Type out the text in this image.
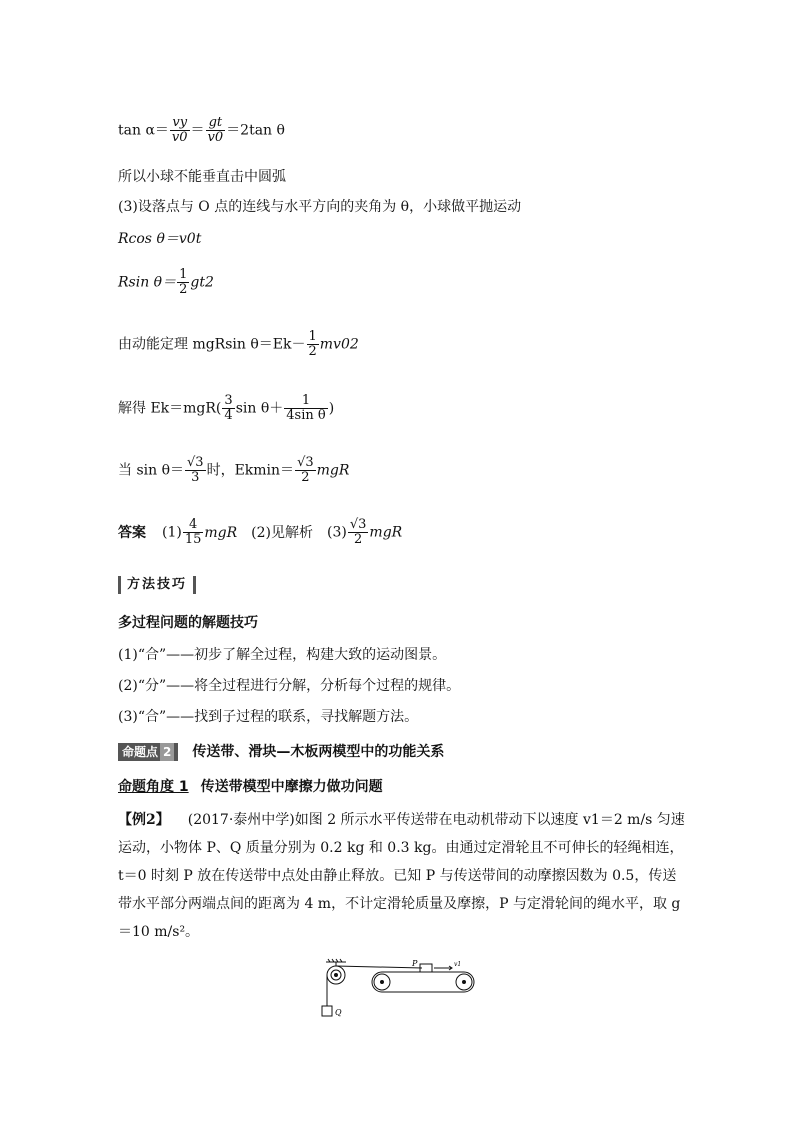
$\tan \alpha= \frac{vy}{v0} = \frac{gt}{v0} =2\tan$ θ
所以小球不能垂直击中圆弧
(3)设落点与 O 点的连线与水平方向的夹角为 θ，小球做平抛运动
Rcos θ＝v0t
Rsin $\theta= \frac{1}{2} gt2$
由动能定理 mgRsin $\theta=Ek- \frac{1}{2} mv02$
解得 $Ek=mgR( \frac{3}{4}$ $\sin \theta+ \frac{1}{\text{4sin θ}}$ )
当 $\sin \theta= \frac{√3}{3}$ 时，$Ekmin= \frac{√3}{2}$ mgR
答案 $(1) \frac{4}{15}$ mgR (2)见解析 $(3) \frac{√3}{2}$ mgR
方法技巧
多过程问题的解题技巧
(1)“合”——初步了解全过程，构建大致的运动图景。
(2)“分”——将全过程进行分解，分析每个过程的规律。
(3)“合”——找到子过程的联系，寻找解题方法。
命题点 2 传送带、滑块—木板两模型中的功能关系
命题角度 1 传送带模型中摩擦力做功问题
【例2】 (2017·泰州中学)如图 2 所示水平传送带在电动机带动下以速度 v1＝2 m/s 匀速运动，小物体 P、Q 质量分别为 0.2 kg 和 0.3 kg。由通过定滑轮且不可伸长的轻绳相连，t＝0 时刻 P 放在传送带中点处由静止释放。已知 P 与传送带间的动摩擦因数为 0.5，传送带水平部分两端点间的距离为 4 m，不计定滑轮质量及摩擦，P 与定滑轮间的绳水平，取 g＝10 m/s²。
P	v1
Q
